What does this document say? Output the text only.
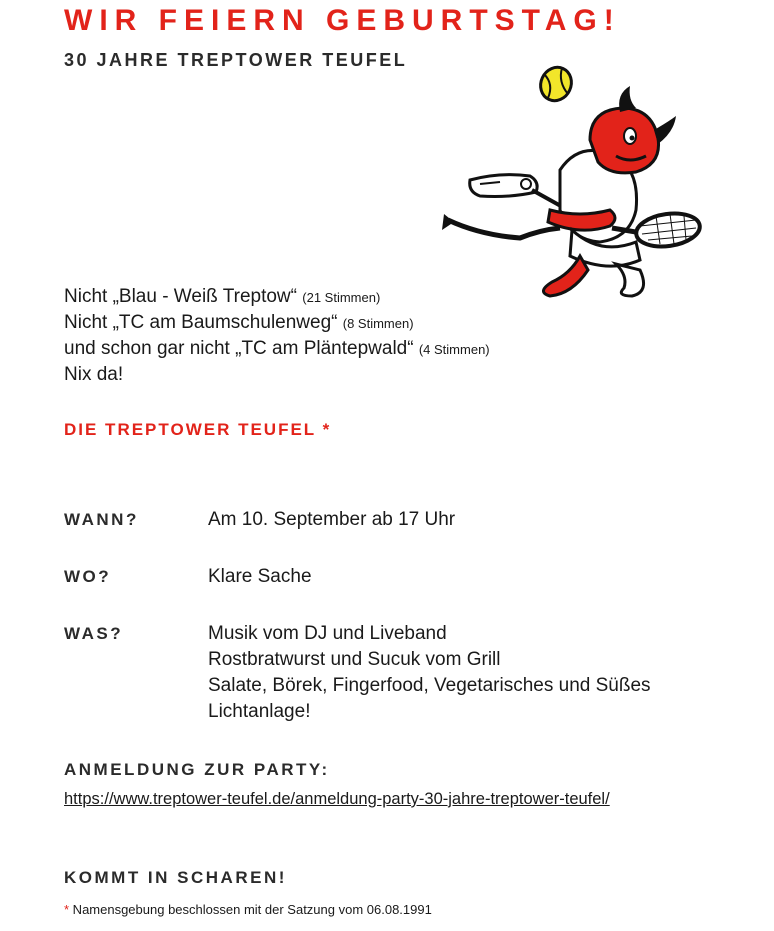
WIR FEIERN GEBURTSTAG!
30 JAHRE TREPTOWER TEUFEL
Nicht „Blau - Weiß Treptow“ (21 Stimmen)
Nicht „TC am Baumschulenweg“ (8 Stimmen)
und schon gar nicht „TC am Pläntерwald“ (4 Stimmen)
Nix da!
DIE TREPTOWER TEUFEL *
WANN?	Am 10. September ab 17 Uhr
WO?	Klare Sache
WAS?	Musik vom DJ und Liveband
Rostbratwurst und Sucuk vom Grill
Salate, Börek, Fingerfood, Vegetarisches und Süßes
Lichtanlage!
ANMELDUNG ZUR PARTY:
https://www.treptower-teufel.de/anmeldung-party-30-jahre-treptower-teufel/
KOMMT IN SCHAREN!
* Namensgebung beschlossen mit der Satzung vom 06.08.1991
